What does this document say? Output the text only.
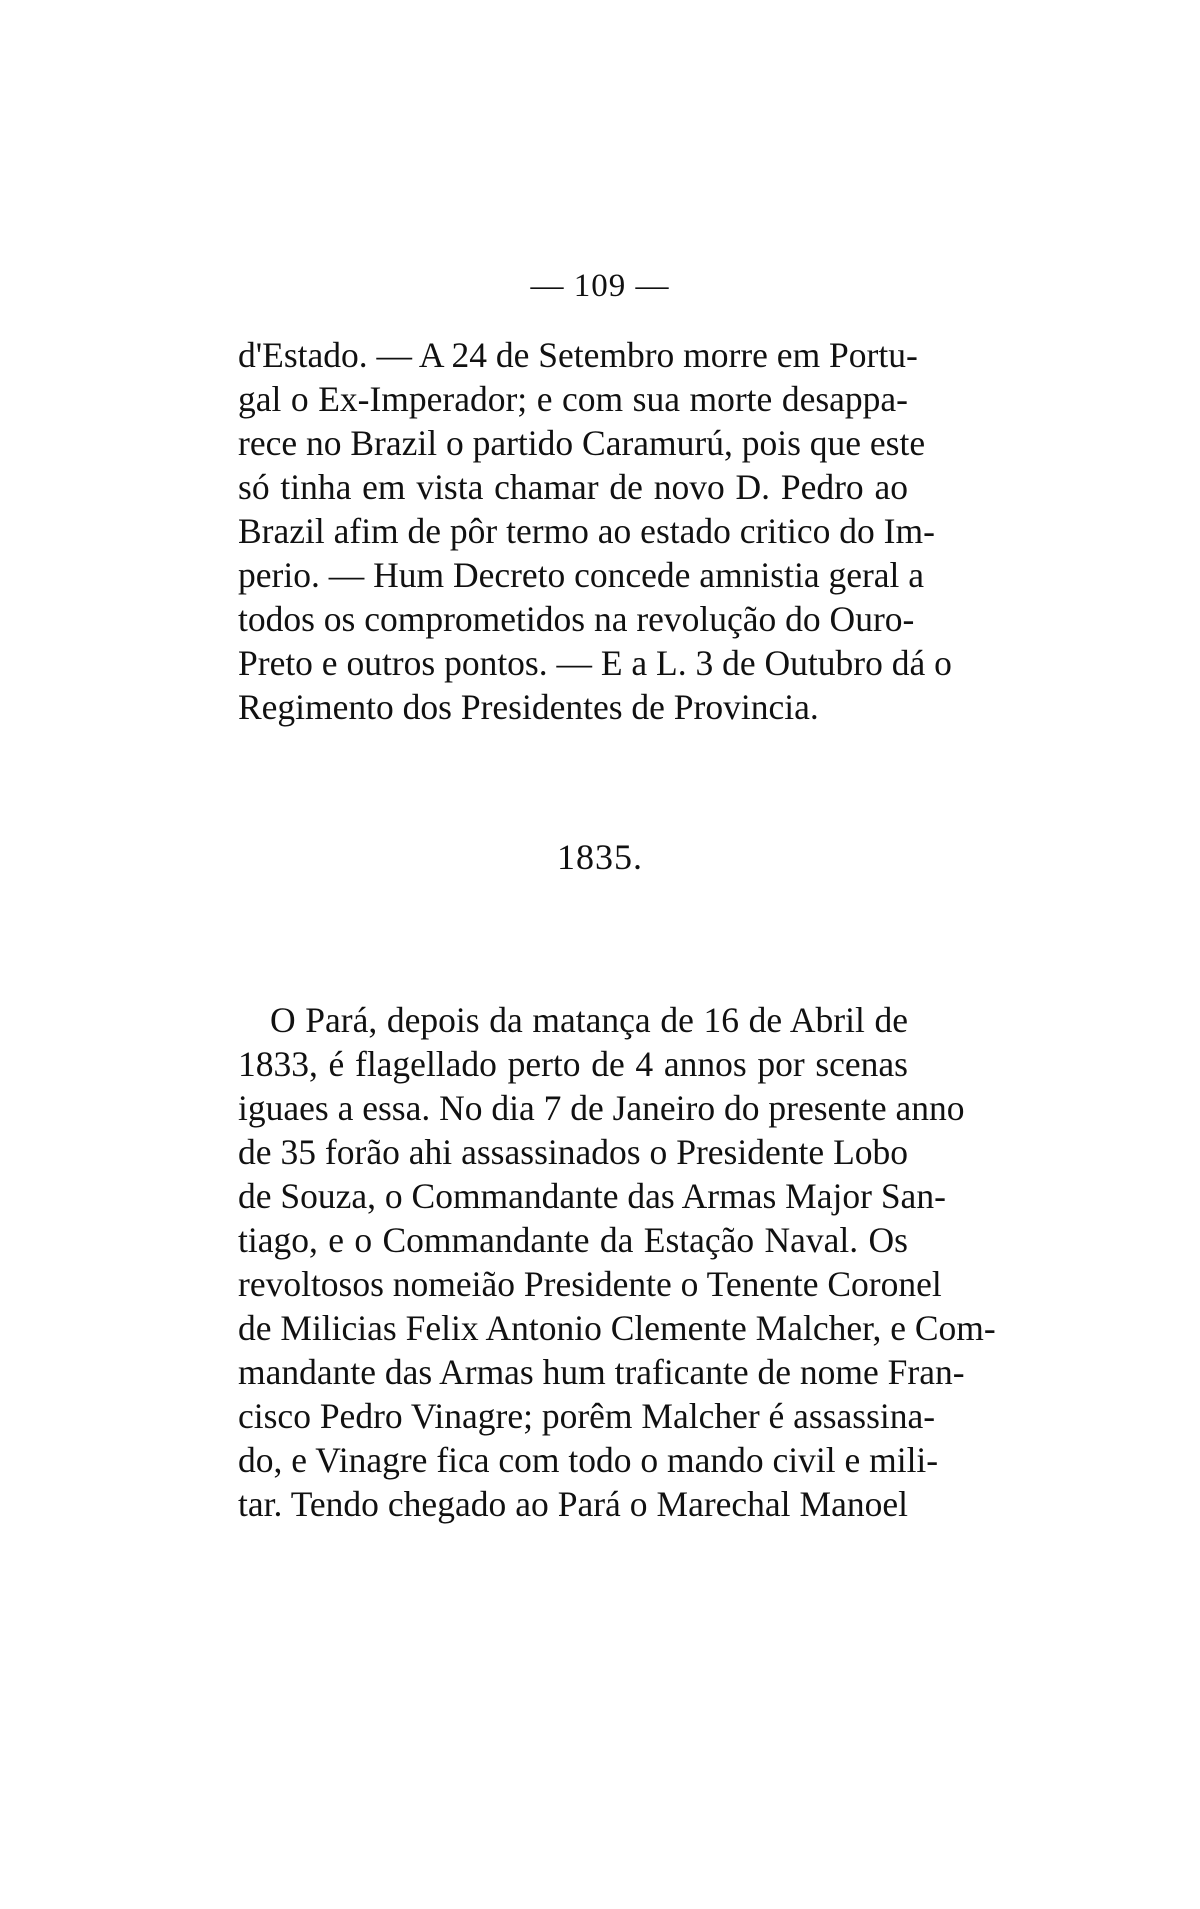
— 109 —
d'Estado. — A 24 de Setembro morre em Portu-
gal o Ex-Imperador; e com sua morte desappa-
rece no Brazil o partido Caramurú, pois que este
só tinha em vista chamar de novo D. Pedro ao
Brazil afim de pôr termo ao estado critico do Im-
perio. — Hum Decreto concede amnistia geral a
todos os comprometidos na revolução do Ouro-
Preto e outros pontos. — E a L. 3 de Outubro dá o
Regimento dos Presidentes de Provincia.
1835.
O Pará, depois da matança de 16 de Abril de
1833, é flagellado perto de 4 annos por scenas
iguaes a essa. No dia 7 de Janeiro do presente anno
de 35 forão ahi assassinados o Presidente Lobo
de Souza, o Commandante das Armas Major San-
tiago, e o Commandante da Estação Naval. Os
revoltosos nomeião Presidente o Tenente Coronel
de Milicias Felix Antonio Clemente Malcher, e Com-
mandante das Armas hum traficante de nome Fran-
cisco Pedro Vinagre; porêm Malcher é assassina-
do, e Vinagre fica com todo o mando civil e mili-
tar. Tendo chegado ao Pará o Marechal Manoel
